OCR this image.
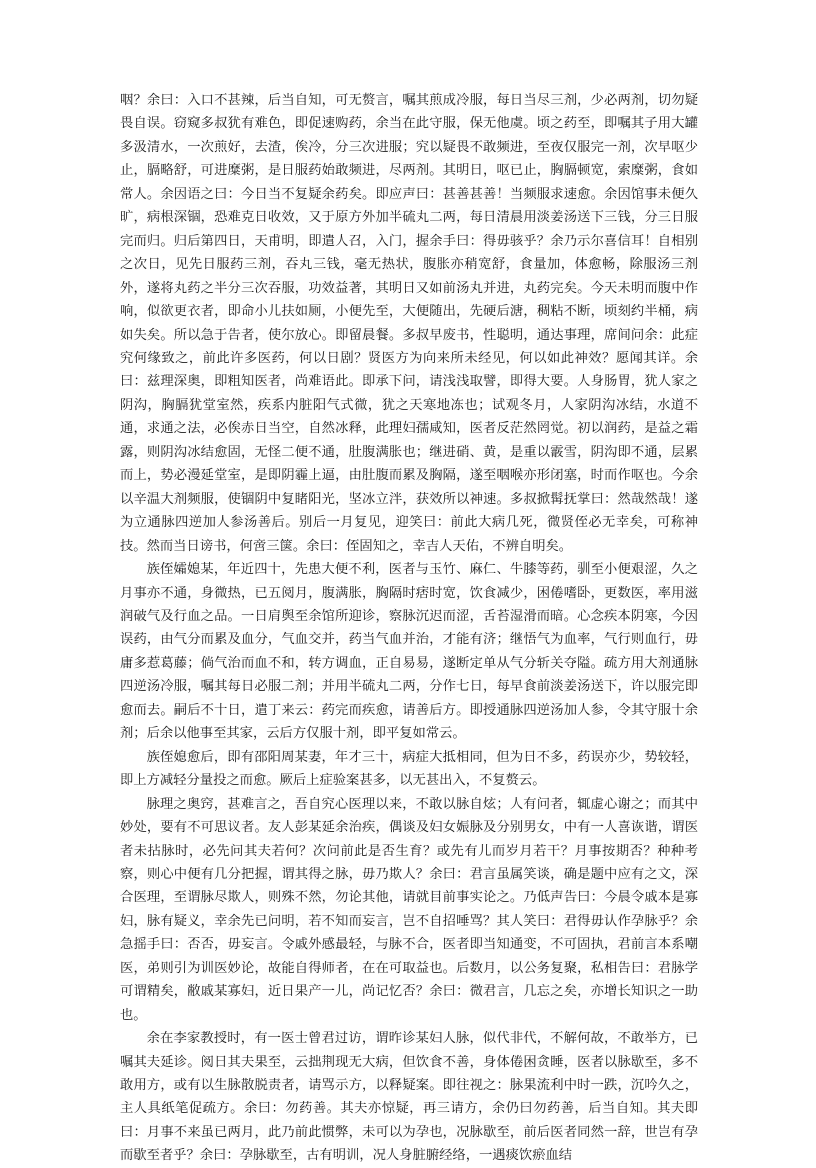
咽？余曰：入口不甚辣，后当自知，可无赘言，嘱其煎成冷服，每日当尽三剂，少必两剂，切勿疑畏自误。窃窥多叔犹有难色，即促速购药，余当在此守服，保无他虞。顷之药至，即嘱其子用大罐多汲清水，一次煎好，去渣，俟冷，分三次进服；究以疑畏不敢频进，至夜仅服完一剂，次早呕少止，膈略舒，可进糜粥，是日服药始敢频进，尽两剂。其明日，呕已止，胸膈顿宽，索糜粥，食如常人。余因语之曰：今日当不复疑余药矣。即应声曰：甚善甚善！当频服求速愈。余因馆事未便久旷，病根深锢，恐难克日收效，又于原方外加半硫丸二两，每日清晨用淡姜汤送下三钱，分三日服完而归。归后第四日，天甫明，即遣人召，入门，握余手曰：得毋骇乎？余乃示尔喜信耳！自相别之次日，见先日服药三剂，吞丸三钱，毫无热状，腹胀亦稍宽舒，食量加，体愈畅，除服汤三剂外，遂将丸药之半分三次吞服，功效益著，其明日又如前汤丸并进，丸药完矣。今天未明而腹中作响，似欲更衣者，即命小儿扶如厕，小便先至，大便随出，先硬后溏，稠粘不断，顷刻约半桶，病如失矣。所以急于告者，使尔放心。即留晨餐。多叔早废书，性聪明，通达事理，席间问余：此症究何缘致之，前此许多医药，何以日剧？贤医方为向来所未经见，何以如此神效？愿闻其详。余曰：兹理深奥，即粗知医者，尚难语此。即承下问，请浅浅取譬，即得大要。人身肠胃，犹人家之阴沟，胸膈犹堂室然，疾系内脏阳气式微，犹之天寒地冻也；试观冬月，人家阴沟冰结，水道不通，求通之法，必俟赤日当空，自然冰释，此理妇孺咸知，医者反茫然罔觉。初以润药，是益之霜露，则阴沟冰结愈固，无怪二便不通，肚腹满胀也；继进硝、黄，是重以霰雪，阴沟即不通，层累而上，势必漫延堂室，是即阴霾上逼，由肚腹而累及胸隔，遂至咽喉亦形闭塞，时而作呕也。今余以辛温大剂频服，使锢阴中复睹阳光，坚冰立泮，获效所以神速。多叔掀髯抚掌曰：然哉然哉！遂为立通脉四逆加人参汤善后。别后一月复见，迎笑曰：前此大病几死，微贤侄必无幸矣，可称神技。然而当日谤书，何啻三箧。余曰：侄固知之，幸吉人天佑，不辨自明矣。

族侄孀媳某，年近四十，先患大便不利，医者与玉竹、麻仁、牛膝等药，驯至小便艰涩，久之月事亦不通，身微热，已五阅月，腹满胀，胸隔时痞时宽，饮食减少，困倦嗜卧，更数医，率用滋润破气及行血之品。一日肩舆至余馆所迎诊，察脉沉迟而涩，舌苔湿滑而暗。心念疾本阴寒，今因误药，由气分而累及血分，气血交并，药当气血并治，才能有济；继悟气为血率，气行则血行，毋庸多惹葛藤；倘气治而血不和，转方调血，正自易易，遂断定单从气分斩关夺隘。疏方用大剂通脉四逆汤冷服，嘱其每日必服二剂；并用半硫丸二两，分作七日，每早食前淡姜汤送下，许以服完即愈而去。嗣后不十日，遣丁来云：药完而疾愈，请善后方。即授通脉四逆汤加人参，令其守服十余剂；后余以他事至其家，云后方仅服十剂，即平复如常云。

族侄媳愈后，即有邵阳周某妻，年才三十，病症大抵相同，但为日不多，药误亦少，势较轻，即上方减轻分量投之而愈。厥后上症验案甚多，以无甚出入，不复赘云。

脉理之奥窍，甚难言之，吾自究心医理以来，不敢以脉自炫；人有问者，辄虚心谢之；而其中妙处，要有不可思议者。友人彭某延余治疾，偶谈及妇女娠脉及分别男女，中有一人喜诙谐，谓医者未拈脉时，必先问其夫若何？次问前此是否生育？或先有儿而岁月若干？月事按期否？种种考察，则心中便有几分把握，谓其得之脉，毋乃欺人？余曰：君言虽属笑谈，确是题中应有之文，深合医理，至谓脉尽欺人，则殊不然，勿论其他，请就目前事实论之。乃低声告曰：今晨令戚本是寡妇，脉有疑义，幸余先已问明，若不知而妄言，岂不自招唾骂？其人笑曰：君得毋认作孕脉乎？余急摇手曰：否否，毋妄言。令戚外感最轻，与脉不合，医者即当知通变，不可固执，君前言本系嘲医，弟则引为训医妙论，故能自得师者，在在可取益也。后数月，以公务复聚，私相告曰：君脉学可谓精矣，敝戚某寡妇，近日果产一儿，尚记忆否？余曰：微君言，几忘之矣，亦增长知识之一助也。

余在李家教授时，有一医士曾君过访，谓昨诊某妇人脉，似代非代，不解何故，不敢举方，已嘱其夫延诊。阅日其夫果至，云拙荆现无大病，但饮食不善，身体倦困贪睡，医者以脉歇至，多不敢用方，或有以生脉散脱责者，请骂示方，以释疑案。即往视之：脉果流利中时一跌，沉吟久之，主人具纸笔促疏方。余曰：勿药善。其夫亦惊疑，再三请方，余仍曰勿药善，后当自知。其夫即曰：月事不来虽已两月，此乃前此惯弊，未可以为孕也，况脉歇至，前后医者同然一辞，世岂有孕而歇至者乎？余曰：孕脉歇至，古有明训，况人身脏腑经络，一遇痰饮瘀血结
